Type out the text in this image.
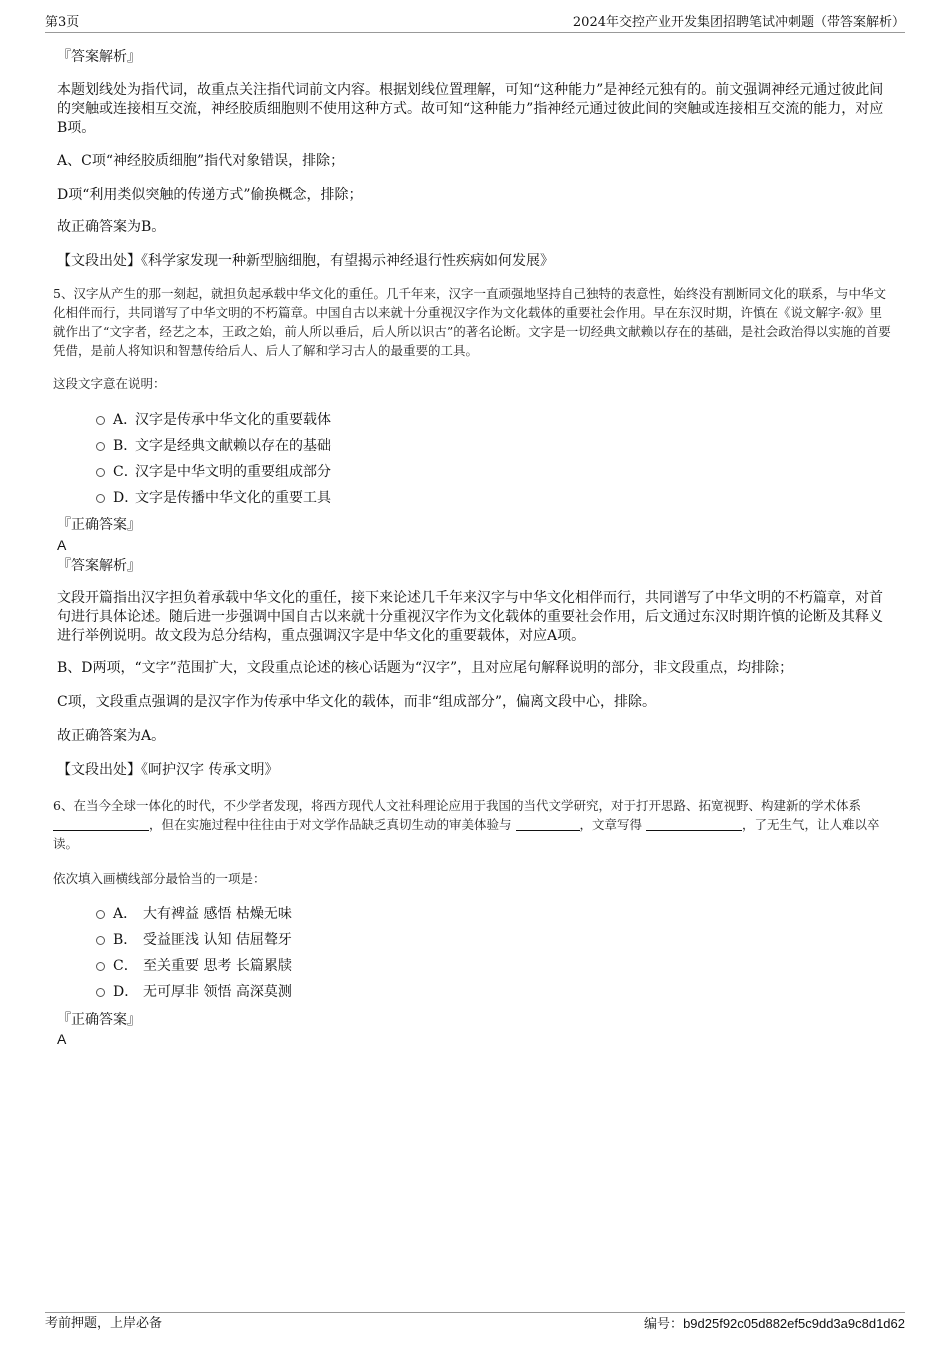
第3页	2024年交控产业开发集团招聘笔试冲刺题（带答案解析）
『答案解析』
本题划线处为指代词，故重点关注指代词前文内容。根据划线位置理解，可知“这种能力”是神经元独有的。前文强调神经元通过彼此间的突触或连接相互交流，神经胶质细胞则不使用这种方式。故可知“这种能力”指神经元通过彼此间的突触或连接相互交流的能力，对应B项。
A、C项“神经胶质细胞”指代对象错误，排除；
D项“利用类似突触的传递方式”偷换概念，排除；
故正确答案为B。
【文段出处】《科学家发现一种新型脑细胞，有望揭示神经退行性疾病如何发展》
5、汉字从产生的那一刻起，就担负起承载中华文化的重任。几千年来，汉字一直顽强地坚持自己独特的表意性，始终没有割断同文化的联系，与中华文化相伴而行，共同谱写了中华文明的不朽篇章。中国自古以来就十分重视汉字作为文化载体的重要社会作用。早在东汉时期，许慎在《说文解字·叙》里就作出了“文字者，经艺之本，王政之始，前人所以垂后，后人所以识古”的著名论断。文字是一切经典文献赖以存在的基础，是社会政治得以实施的首要凭借，是前人将知识和智慧传给后人、后人了解和学习古人的最重要的工具。
这段文字意在说明：
A．汉字是传承中华文化的重要载体
B．文字是经典文献赖以存在的基础
C．汉字是中华文明的重要组成部分
D．文字是传播中华文化的重要工具
『正确答案』
A
『答案解析』
文段开篇指出汉字担负着承载中华文化的重任，接下来论述几千年来汉字与中华文化相伴而行，共同谱写了中华文明的不朽篇章，对首句进行具体论述。随后进一步强调中国自古以来就十分重视汉字作为文化载体的重要社会作用，后文通过东汉时期许慎的论断及其释义进行举例说明。故文段为总分结构，重点强调汉字是中华文化的重要载体，对应A项。
B、D两项，“文字”范围扩大，文段重点论述的核心话题为“汉字”，且对应尾句解释说明的部分，非文段重点，均排除；
C项，文段重点强调的是汉字作为传承中华文化的载体，而非“组成部分”，偏离文段中心，排除。
故正确答案为A。
【文段出处】《呵护汉字 传承文明》
6、在当今全球一体化的时代，不少学者发现，将西方现代人文社科理论应用于我国的当代文学研究，对于打开思路、拓宽视野、构建新的学术体系 ，但在实施过程中往往由于对文学作品缺乏真切生动的审美体验与	，文章写得	，了无生气，让人难以卒读。
依次填入画横线部分最恰当的一项是：
A． 大有裨益 感悟 枯燥无味
B． 受益匪浅 认知 佶屈聱牙
C． 至关重要 思考 长篇累牍
D． 无可厚非 领悟 高深莫测
『正确答案』
A
考前押题，上岸必备	编号：b9d25f92c05d882ef5c9dd3a9c8d1d62
